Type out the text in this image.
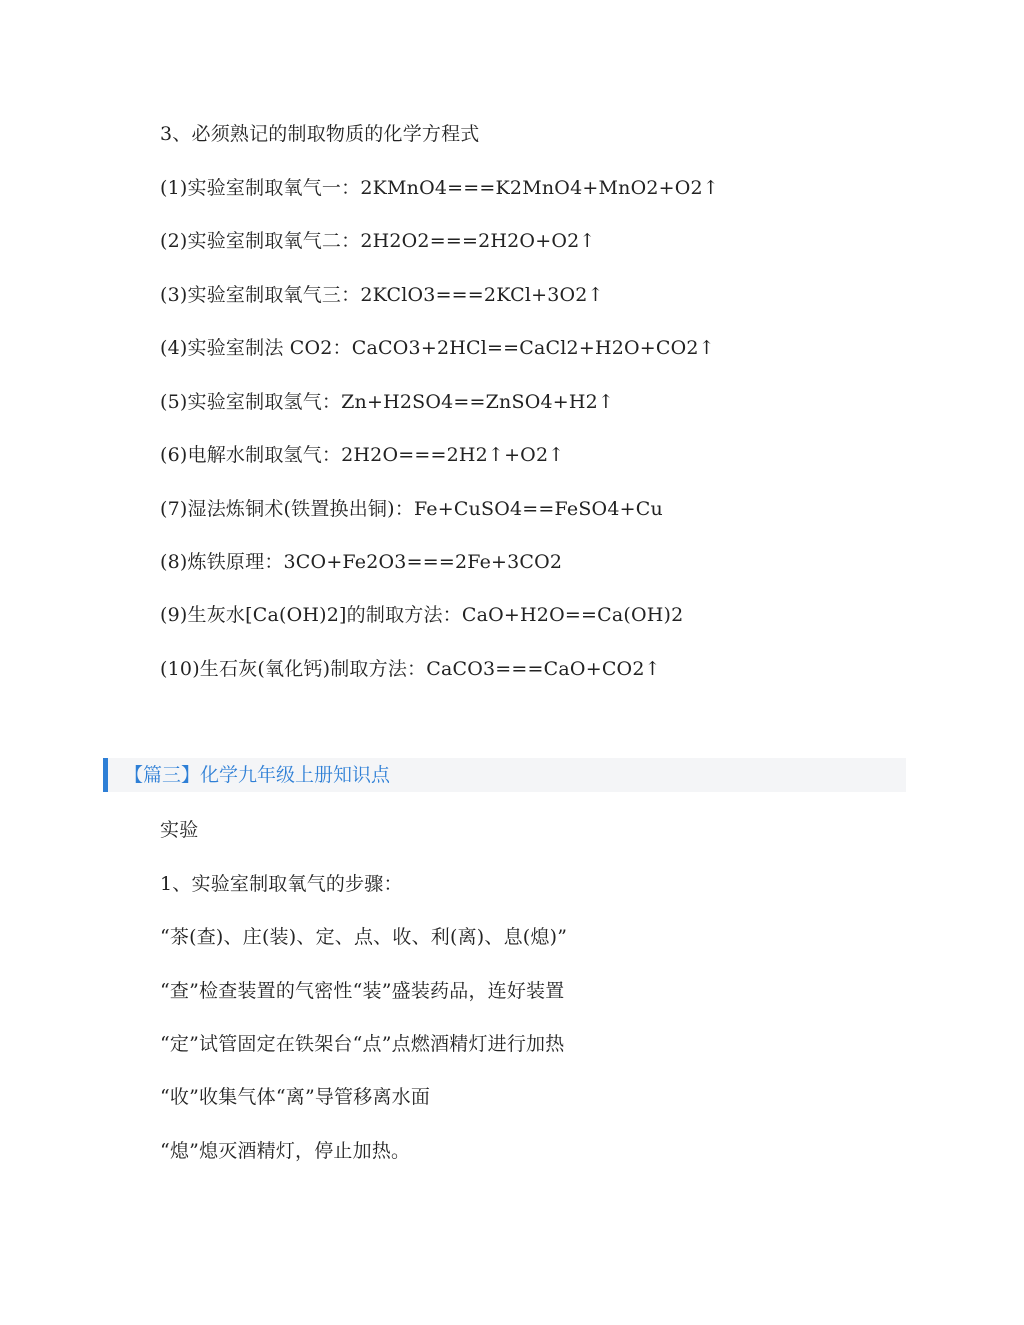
3、必须熟记的制取物质的化学方程式
(1)实验室制取氧气一：2KMnO4===K2MnO4+MnO2+O2↑
(2)实验室制取氧气二：2H2O2===2H2O+O2↑
(3)实验室制取氧气三：2KClO3===2KCl+3O2↑
(4)实验室制法 CO2：CaCO3+2HCl==CaCl2+H2O+CO2↑
(5)实验室制取氢气：Zn+H2SO4==ZnSO4+H2↑
(6)电解水制取氢气：2H2O===2H2↑+O2↑
(7)湿法炼铜术(铁置换出铜)：Fe+CuSO4==FeSO4+Cu
(8)炼铁原理：3CO+Fe2O3===2Fe+3CO2
(9)生灰水[Ca(OH)2]的制取方法：CaO+H2O==Ca(OH)2
(10)生石灰(氧化钙)制取方法：CaCO3===CaO+CO2↑
【篇三】化学九年级上册知识点
实验
1、实验室制取氧气的步骤：
“茶(查)、庄(装)、定、点、收、利(离)、息(熄)”
“查”检查装置的气密性“装”盛装药品，连好装置
“定”试管固定在铁架台“点”点燃酒精灯进行加热
“收”收集气体“离”导管移离水面
“熄”熄灭酒精灯，停止加热。
